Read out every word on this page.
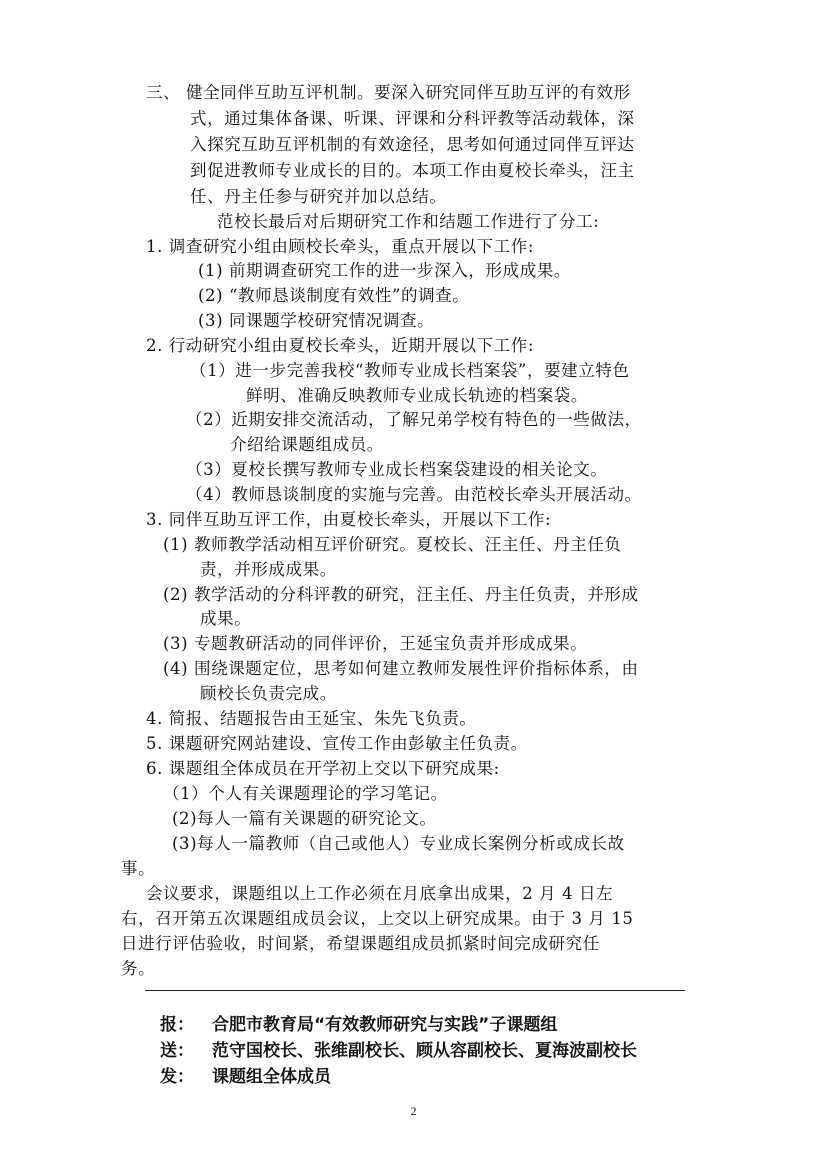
三、 健全同伴互助互评机制。要深入研究同伴互助互评的有效形
式，通过集体备课、听课、评课和分科评教等活动载体，深
入探究互助互评机制的有效途径，思考如何通过同伴互评达
到促进教师专业成长的目的。本项工作由夏校长牵头，汪主
任、丹主任参与研究并加以总结。
范校长最后对后期研究工作和结题工作进行了分工:
1. 调查研究小组由顾校长牵头，重点开展以下工作:
(1) 前期调查研究工作的进一步深入，形成成果。
(2) “教师恳谈制度有效性”的调查。
(3) 同课题学校研究情况调查。
2. 行动研究小组由夏校长牵头，近期开展以下工作:
（1）进一步完善我校“教师专业成长档案袋”，要建立特色
鲜明、准确反映教师专业成长轨迹的档案袋。
（2）近期安排交流活动，了解兄弟学校有特色的一些做法，
介绍给课题组成员。
（3）夏校长撰写教师专业成长档案袋建设的相关论文。
（4）教师恳谈制度的实施与完善。由范校长牵头开展活动。
3. 同伴互助互评工作，由夏校长牵头，开展以下工作:
(1) 教师教学活动相互评价研究。夏校长、汪主任、丹主任负
责，并形成成果。
(2) 教学活动的分科评教的研究，汪主任、丹主任负责，并形成
成果。
(3) 专题教研活动的同伴评价，王延宝负责并形成成果。
(4) 围绕课题定位，思考如何建立教师发展性评价指标体系，由
顾校长负责完成。
4. 简报、结题报告由王延宝、朱先飞负责。
5. 课题研究网站建设、宣传工作由彭敏主任负责。
6. 课题组全体成员在开学初上交以下研究成果:
（1）个人有关课题理论的学习笔记。
(2)每人一篇有关课题的研究论文。
(3)每人一篇教师（自己或他人）专业成长案例分析或成长故
事。
会议要求，课题组以上工作必须在月底拿出成果，2 月 4 日左
右，召开第五次课题组成员会议，上交以上研究成果。由于 3 月 15
日进行评估验收，时间紧，希望课题组成员抓紧时间完成研究任
务。
报： 合肥市教育局“有效教师研究与实践”子课题组
送： 范守国校长、张维副校长、顾从容副校长、夏海波副校长
发： 课题组全体成员
2
